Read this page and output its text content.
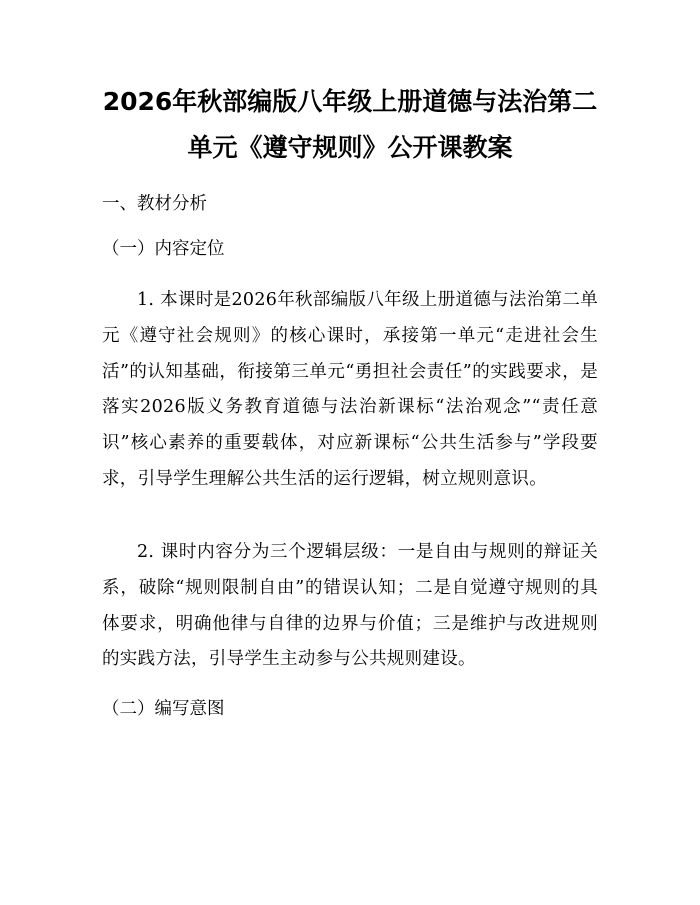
2026年秋部编版八年级上册道德与法治第二
单元《遵守规则》公开课教案

一、教材分析

（一）内容定位

1. 本课时是2026年秋部编版八年级上册道德与法治第二单元《遵守社会规则》的核心课时，承接第一单元“走进社会生活”的认知基础，衔接第三单元“勇担社会责任”的实践要求，是落实2026版义务教育道德与法治新课标“法治观念”“责任意识”核心素养的重要载体，对应新课标“公共生活参与”学段要求，引导学生理解公共生活的运行逻辑，树立规则意识。

2. 课时内容分为三个逻辑层级：一是自由与规则的辩证关系，破除“规则限制自由”的错误认知；二是自觉遵守规则的具体要求，明确他律与自律的边界与价值；三是维护与改进规则的实践方法，引导学生主动参与公共规则建设。

（二）编写意图
